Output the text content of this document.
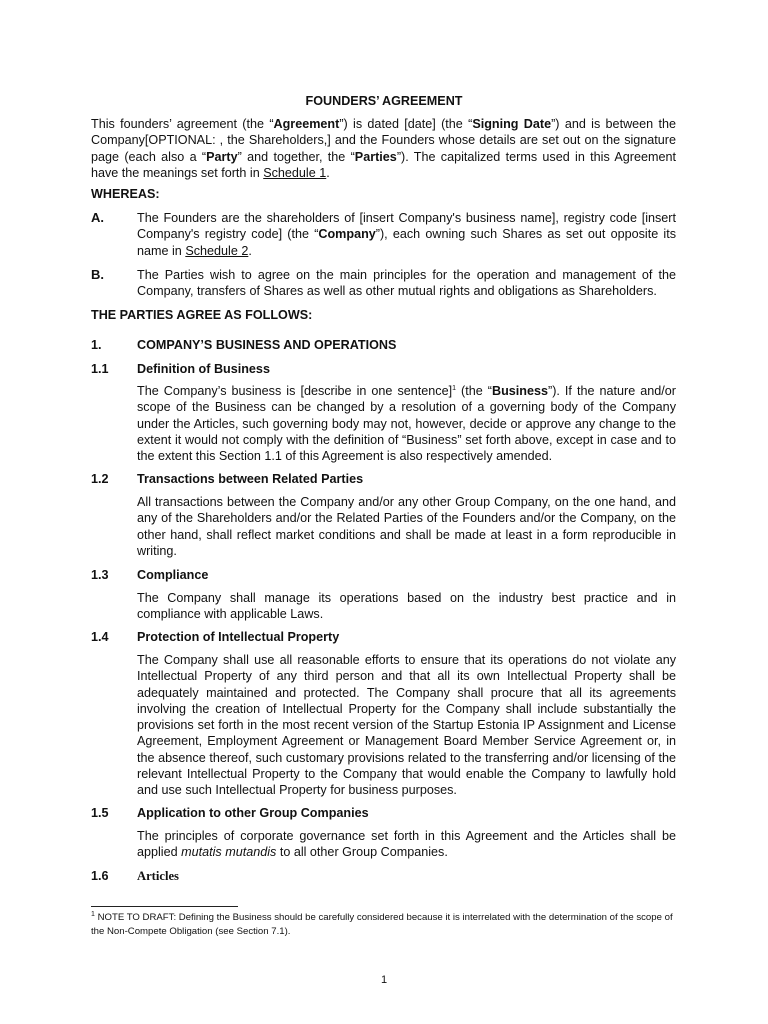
FOUNDERS’ AGREEMENT
This founders’ agreement (the “Agreement”) is dated [date] (the “Signing Date”) and is between the Company[OPTIONAL: , the Shareholders,] and the Founders whose details are set out on the signature page (each also a “Party” and together, the “Parties”). The capitalized terms used in this Agreement have the meanings set forth in Schedule 1.
WHEREAS:
A.	The Founders are the shareholders of [insert Company's business name], registry code [insert Company's registry code] (the “Company”), each owning such Shares as set out opposite its name in Schedule 2.
B.	The Parties wish to agree on the main principles for the operation and management of the Company, transfers of Shares as well as other mutual rights and obligations as Shareholders.
THE PARTIES AGREE AS FOLLOWS:
1.	COMPANY’S BUSINESS AND OPERATIONS
1.1 Definition of Business
The Company’s business is [describe in one sentence]$^1$ (the “Business”). If the nature and/or scope of the Business can be changed by a resolution of a governing body of the Company under the Articles, such governing body may not, however, decide or approve any change to the extent it would not comply with the definition of “Business” set forth above, except in case and to the extent this Section 1.1 of this Agreement is also respectively amended.
1.2 Transactions between Related Parties
All transactions between the Company and/or any other Group Company, on the one hand, and any of the Shareholders and/or the Related Parties of the Founders and/or the Company, on the other hand, shall reflect market conditions and shall be made at least in a form reproducible in writing.
1.3 Compliance
The Company shall manage its operations based on the industry best practice and in compliance with applicable Laws.
1.4 Protection of Intellectual Property
The Company shall use all reasonable efforts to ensure that its operations do not violate any Intellectual Property of any third person and that all its own Intellectual Property shall be adequately maintained and protected. The Company shall procure that all its agreements involving the creation of Intellectual Property for the Company shall include substantially the provisions set forth in the most recent version of the Startup Estonia IP Assignment and License Agreement, Employment Agreement or Management Board Member Service Agreement or, in the absence thereof, such customary provisions related to the transferring and/or licensing of the relevant Intellectual Property to the Company that would enable the Company to lawfully hold and use such Intellectual Property for business purposes.
1.5 Application to other Group Companies
The principles of corporate governance set forth in this Agreement and the Articles shall be applied mutatis mutandis to all other Group Companies.
1.6 Articles
$^1$ NOTE TO DRAFT: Defining the Business should be carefully considered because it is interrelated with the determination of the scope of the Non-Compete Obligation (see Section 7.1).
1
